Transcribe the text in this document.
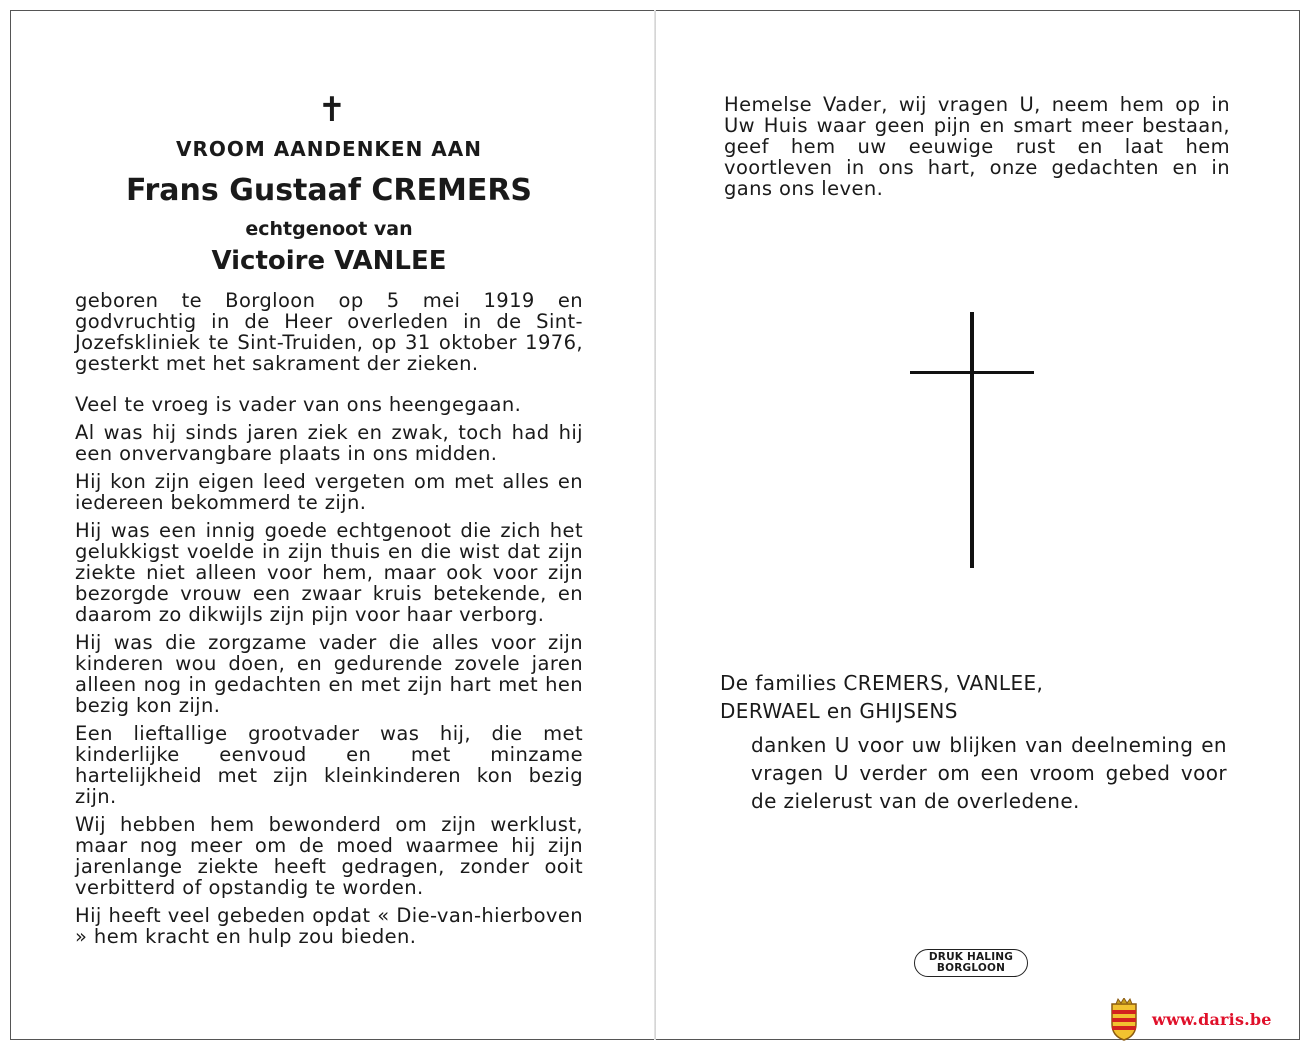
✝
VROOM AANDENKEN AAN
Frans Gustaaf CREMERS
echtgenoot van
Victoire VANLEE

geboren te Borgloon op 5 mei 1919 en godvruchtig in de Heer overleden in de Sint-Jozefskliniek te Sint-Truiden, op 31 oktober 1976, gesterkt met het sakrament der zieken.

Veel te vroeg is vader van ons heengegaan.

Al was hij sinds jaren ziek en zwak, toch had hij een onvervangbare plaats in ons midden.

Hij kon zijn eigen leed vergeten om met alles en iedereen bekommerd te zijn.

Hij was een innig goede echtgenoot die zich het gelukkigst voelde in zijn thuis en die wist dat zijn ziekte niet alleen voor hem, maar ook voor zijn bezorgde vrouw een zwaar kruis betekende, en daarom zo dikwijls zijn pijn voor haar verborg.

Hij was die zorgzame vader die alles voor zijn kinderen wou doen, en gedurende zovele jaren alleen nog in gedachten en met zijn hart met hen bezig kon zijn.

Een lieftallige grootvader was hij, die met kinderlijke eenvoud en met minzame hartelijkheid met zijn kleinkinderen kon bezig zijn.

Wij hebben hem bewonderd om zijn werklust, maar nog meer om de moed waarmee hij zijn jarenlange ziekte heeft gedragen, zonder ooit verbitterd of opstandig te worden.

Hij heeft veel gebeden opdat « Die-van-hierboven » hem kracht en hulp zou bieden.

Hemelse Vader, wij vragen U, neem hem op in Uw Huis waar geen pijn en smart meer bestaan, geef hem uw eeuwige rust en laat hem voortleven in ons hart, onze gedachten en in gans ons leven.
De families CREMERS, VANLEE,
DERWAEL en GHIJSENS
danken U voor uw blijken van deelneming en vragen U verder om een vroom gebed voor de zielerust van de overledene.
DRUK HALING
BORGLOON
www.daris.be
